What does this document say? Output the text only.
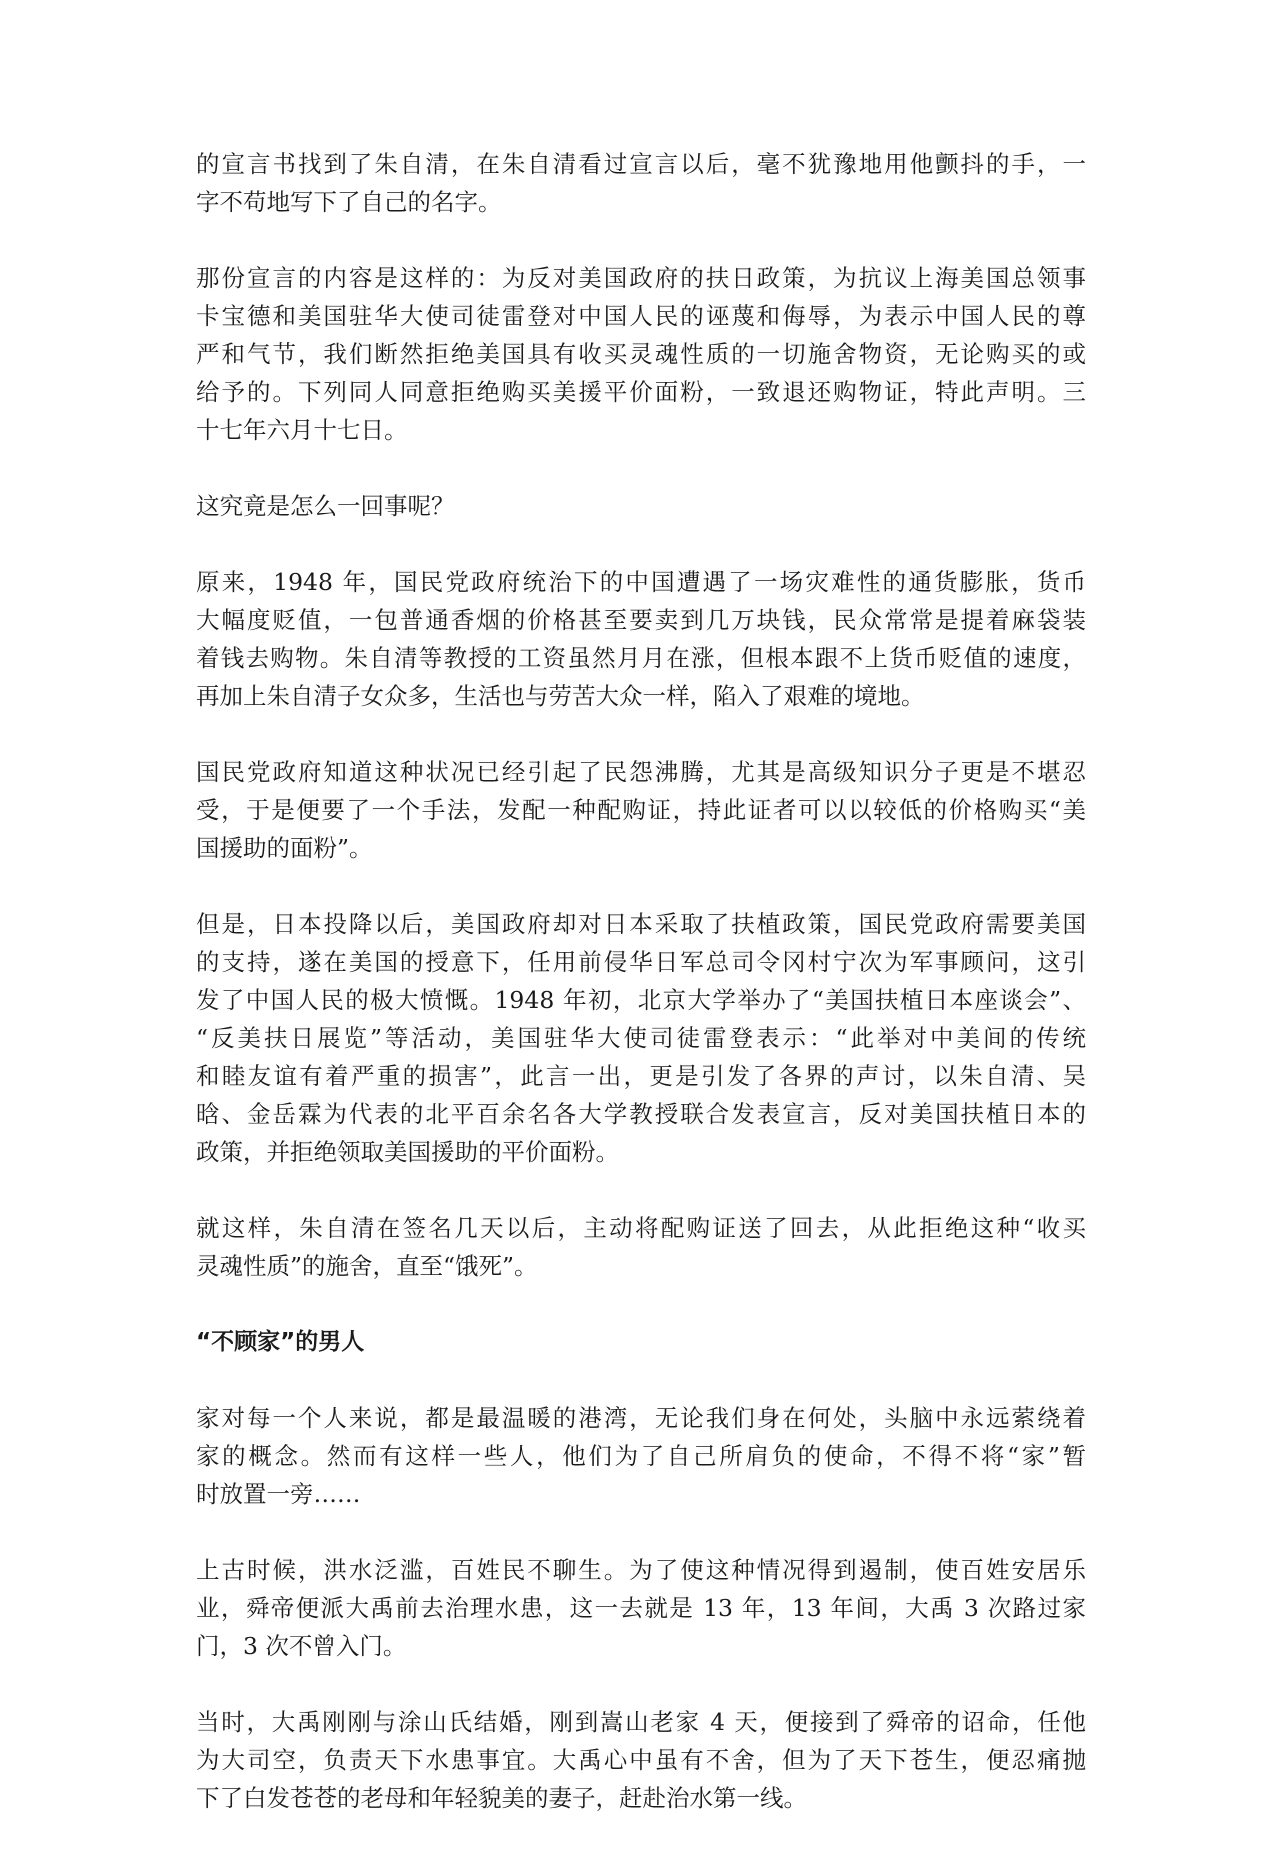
的宣言书找到了朱自清，在朱自清看过宣言以后，毫不犹豫地用他颤抖的手，一
字不苟地写下了自己的名字。
那份宣言的内容是这样的：为反对美国政府的扶日政策，为抗议上海美国总领事
卡宝德和美国驻华大使司徒雷登对中国人民的诬蔑和侮辱，为表示中国人民的尊
严和气节，我们断然拒绝美国具有收买灵魂性质的一切施舍物资，无论购买的或
给予的。下列同人同意拒绝购买美援平价面粉，一致退还购物证，特此声明。三
十七年六月十七日。
这究竟是怎么一回事呢？
原来，1948 年，国民党政府统治下的中国遭遇了一场灾难性的通货膨胀，货币
大幅度贬值，一包普通香烟的价格甚至要卖到几万块钱，民众常常是提着麻袋装
着钱去购物。朱自清等教授的工资虽然月月在涨，但根本跟不上货币贬值的速度，
再加上朱自清子女众多，生活也与劳苦大众一样，陷入了艰难的境地。
国民党政府知道这种状况已经引起了民怨沸腾，尤其是高级知识分子更是不堪忍
受，于是便要了一个手法，发配一种配购证，持此证者可以以较低的价格购买“美
国援助的面粉”。
但是，日本投降以后，美国政府却对日本采取了扶植政策，国民党政府需要美国
的支持，遂在美国的授意下，任用前侵华日军总司令冈村宁次为军事顾问，这引
发了中国人民的极大愤慨。1948 年初，北京大学举办了“美国扶植日本座谈会”、
“反美扶日展览”等活动，美国驻华大使司徒雷登表示：“此举对中美间的传统
和睦友谊有着严重的损害”，此言一出，更是引发了各界的声讨，以朱自清、吴
晗、金岳霖为代表的北平百余名各大学教授联合发表宣言，反对美国扶植日本的
政策，并拒绝领取美国援助的平价面粉。
就这样，朱自清在签名几天以后，主动将配购证送了回去，从此拒绝这种“收买
灵魂性质”的施舍，直至“饿死”。
“不顾家”的男人
家对每一个人来说，都是最温暖的港湾，无论我们身在何处，头脑中永远萦绕着
家的概念。然而有这样一些人，他们为了自己所肩负的使命，不得不将“家”暂
时放置一旁……
上古时候，洪水泛滥，百姓民不聊生。为了使这种情况得到遏制，使百姓安居乐
业，舜帝便派大禹前去治理水患，这一去就是 13 年，13 年间，大禹 3 次路过家
门，3 次不曾入门。
当时，大禹刚刚与涂山氏结婚，刚到嵩山老家 4 天，便接到了舜帝的诏命，任他
为大司空，负责天下水患事宜。大禹心中虽有不舍，但为了天下苍生，便忍痛抛
下了白发苍苍的老母和年轻貌美的妻子，赶赴治水第一线。
